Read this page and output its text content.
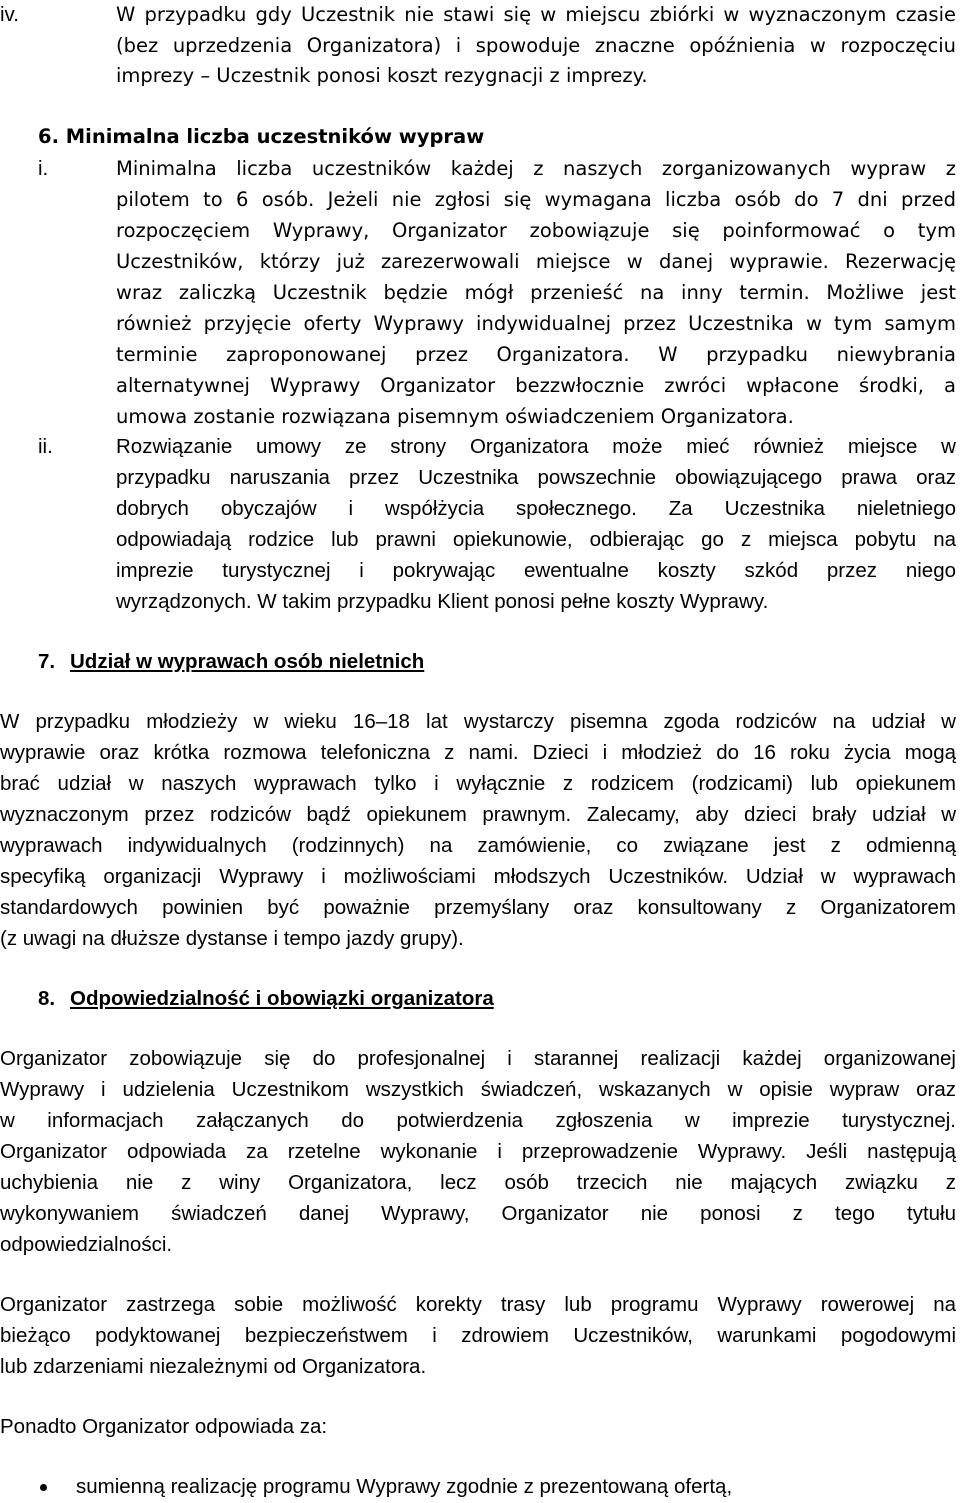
iv.	W przypadku gdy Uczestnik nie stawi się w miejscu zbiórki w wyznaczonym czasie
(bez uprzedzenia Organizatora) i spowoduje znaczne opóźnienia w rozpoczęciu
imprezy – Uczestnik ponosi koszt rezygnacji z imprezy.
6. Minimalna liczba uczestników wypraw
i.	Minimalna liczba uczestników każdej z naszych zorganizowanych wypraw z
pilotem to 6 osób. Jeżeli nie zgłosi się wymagana liczba osób do 7 dni przed
rozpoczęciem Wyprawy, Organizator zobowiązuje się poinformować o tym
Uczestników, którzy już zarezerwowali miejsce w danej wyprawie. Rezerwację
wraz zaliczką Uczestnik będzie mógł przenieść na inny termin. Możliwe jest
również przyjęcie oferty Wyprawy indywidualnej przez Uczestnika w tym samym
terminie zaproponowanej przez Organizatora. W przypadku niewybrania
alternatywnej Wyprawy Organizator bezzwłocznie zwróci wpłacone środki, a
umowa zostanie rozwiązana pisemnym oświadczeniem Organizatora.
ii.	Rozwiązanie umowy ze strony Organizatora może mieć również miejsce w
przypadku naruszania przez Uczestnika powszechnie obowiązującego prawa oraz
dobrych obyczajów i współżycia społecznego. Za Uczestnika nieletniego
odpowiadają rodzice lub prawni opiekunowie, odbierając go z miejsca pobytu na
imprezie turystycznej i pokrywając ewentualne koszty szkód przez niego
wyrządzonych. W takim przypadku Klient ponosi pełne koszty Wyprawy.
7. Udział w wyprawach osób nieletnich
W przypadku młodzieży w wieku 16–18 lat wystarczy pisemna zgoda rodziców na udział w
wyprawie oraz krótka rozmowa telefoniczna z nami. Dzieci i młodzież do 16 roku życia mogą
brać udział w naszych wyprawach tylko i wyłącznie z rodzicem (rodzicami) lub opiekunem
wyznaczonym przez rodziców bądź opiekunem prawnym. Zalecamy, aby dzieci brały udział w
wyprawach indywidualnych (rodzinnych) na zamówienie, co związane jest z odmienną
specyfiką organizacji Wyprawy i możliwościami młodszych Uczestników. Udział w wyprawach
standardowych powinien być poważnie przemyślany oraz konsultowany z Organizatorem
(z uwagi na dłuższe dystanse i tempo jazdy grupy).
8. Odpowiedzialność i obowiązki organizatora
Organizator zobowiązuje się do profesjonalnej i starannej realizacji każdej organizowanej
Wyprawy i udzielenia Uczestnikom wszystkich świadczeń, wskazanych w opisie wypraw oraz
w informacjach załączanych do potwierdzenia zgłoszenia w imprezie turystycznej.
Organizator odpowiada za rzetelne wykonanie i przeprowadzenie Wyprawy. Jeśli następują
uchybienia nie z winy Organizatora, lecz osób trzecich nie mających związku z
wykonywaniem świadczeń danej Wyprawy, Organizator nie ponosi z tego tytułu
odpowiedzialności.
Organizator zastrzega sobie możliwość korekty trasy lub programu Wyprawy rowerowej na
bieżąco podyktowanej bezpieczeństwem i zdrowiem Uczestników, warunkami pogodowymi
lub zdarzeniami niezależnymi od Organizatora.
Ponadto Organizator odpowiada za:
sumienną realizację programu Wyprawy zgodnie z prezentowaną ofertą,
